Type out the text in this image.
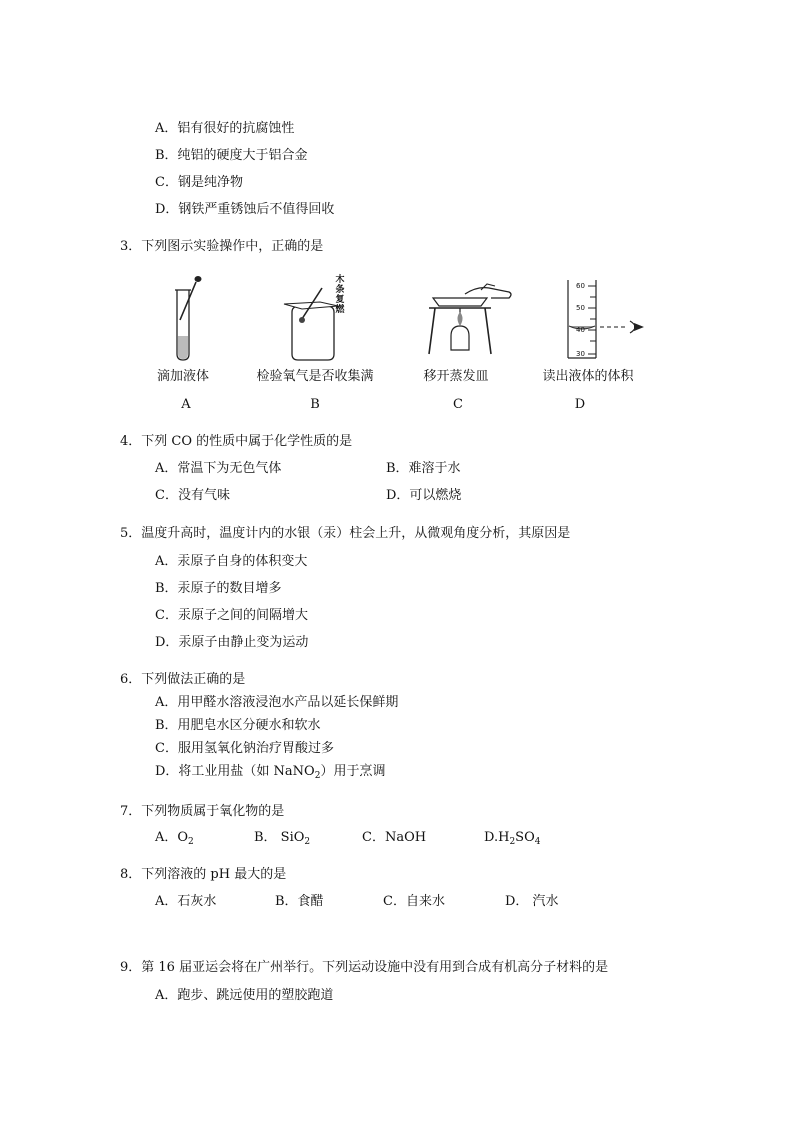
A．铝有很好的抗腐蚀性
B．纯铝的硬度大于铝合金
C．钢是纯净物
D．钢铁严重锈蚀后不值得回收
3．下列图示实验操作中，正确的是
滴加液体
A
木条复燃
检验氧气是否收集满
B
移开蒸发皿
C
60
50
40
30
读出液体的体积
D
4．下列 CO 的性质中属于化学性质的是
A．常温下为无色气体	B．难溶于水
C．没有气味	D．可以燃烧
5．温度升高时，温度计内的水银（汞）柱会上升，从微观角度分析，其原因是
A．汞原子自身的体积变大
B．汞原子的数目增多
C．汞原子之间的间隔增大
D．汞原子由静止变为运动
6．下列做法正确的是
A．用甲醛水溶液浸泡水产品以延长保鲜期
B．用肥皂水区分硬水和软水
C．服用氢氧化钠治疗胃酸过多
D．将工业用盐（如 NaNO$_2$）用于烹调
7．下列物质属于氧化物的是
A．$O_2$	B． SiO$_2$	C．NaOH	$D.H_2SO_4$
8．下列溶液的 pH 最大的是
A．石灰水	B．食醋	C．自来水	D． 汽水
9．第 16 届亚运会将在广州举行。下列运动设施中没有用到合成有机高分子材料的是
A．跑步、跳远使用的塑胶跑道
